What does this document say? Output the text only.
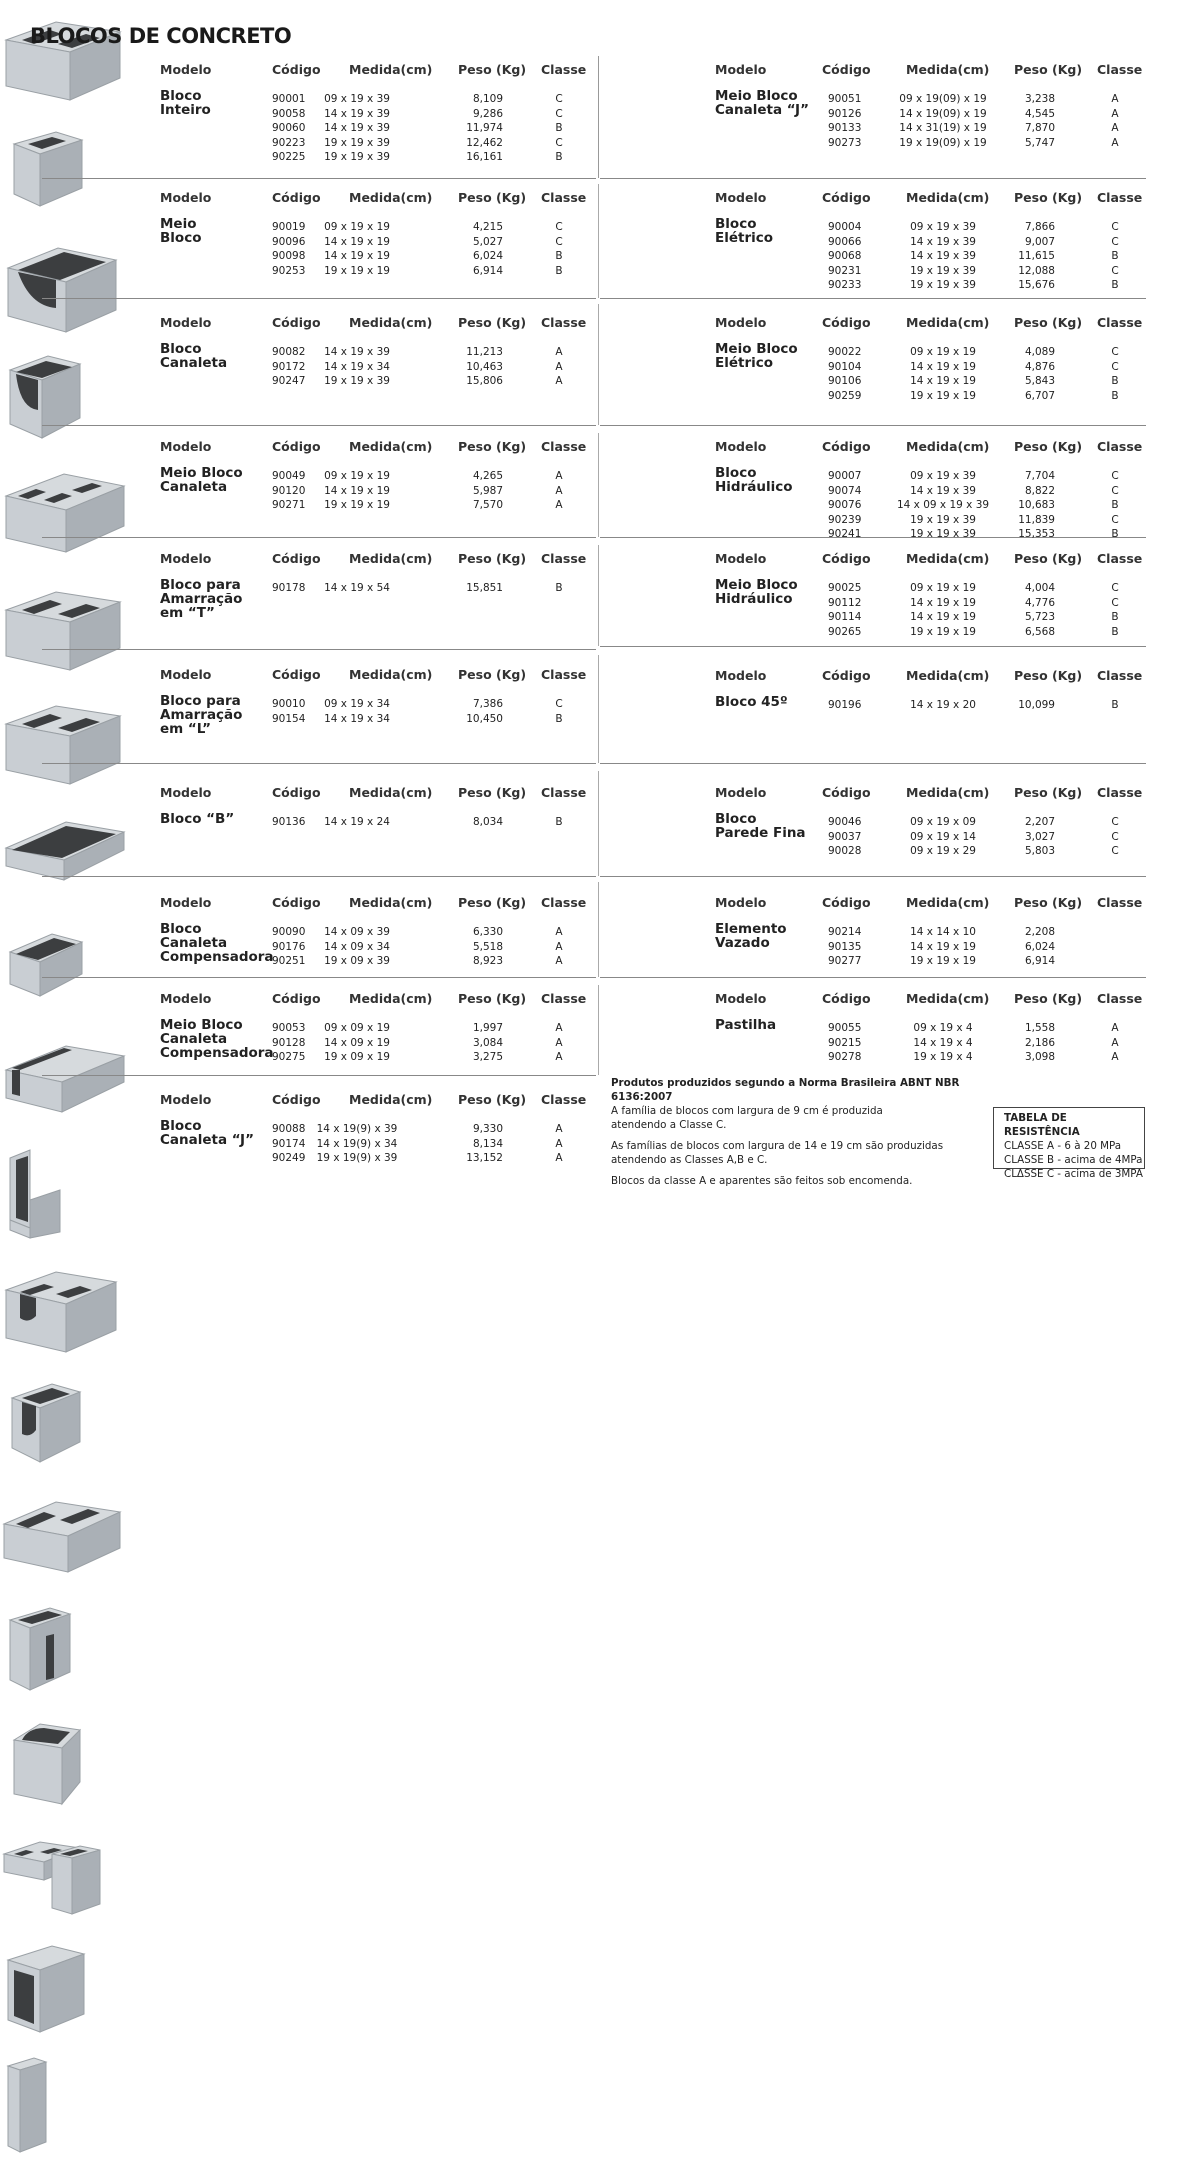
BLOCOS DE CONCRETO
Modelo	Código Medida(cm) Peso (Kg) Classe
Bloco
Inteiro
90001	09 x 19 x 39	8,109	C
90058	14 x 19 x 39	9,286	C
90060	14 x 19 x 39	11,974	B
90223	19 x 19 x 39	12,462	C
90225	19 x 19 x 39	16,161	B
Modelo	Código Medida(cm) Peso (Kg) Classe
Meio
Bloco
90019	09 x 19 x 19	4,215	C
90096	14 x 19 x 19	5,027	C
90098	14 x 19 x 19	6,024	B
90253	19 x 19 x 19	6,914	B
Modelo	Código Medida(cm) Peso (Kg) Classe
Bloco
Canaleta
90082	14 x 19 x 39	11,213	A
90172	14 x 19 x 34	10,463	A
90247	19 x 19 x 39	15,806	A
Modelo	Código Medida(cm) Peso (Kg) Classe
Meio Bloco
Canaleta
90049	09 x 19 x 19	4,265	A
90120	14 x 19 x 19	5,987	A
90271	19 x 19 x 19	7,570	A
Modelo	Código Medida(cm) Peso (Kg) Classe
Bloco para
Amarração
em “T”
90178	14 x 19 x 54	15,851	B
Modelo	Código Medida(cm) Peso (Kg) Classe
Bloco para
Amarração
em “L”
90010	09 x 19 x 34	7,386	C
90154	14 x 19 x 34	10,450	B
Modelo	Código Medida(cm) Peso (Kg) Classe
Bloco “B”	90136	14 x 19 x 24	8,034	B
Modelo	Código Medida(cm) Peso (Kg) Classe
Bloco
Canaleta
Compensadora
90090	14 x 09 x 39	6,330	A
90176	14 x 09 x 34	5,518	A
90251	19 x 09 x 39	8,923	A
Modelo	Código Medida(cm) Peso (Kg) Classe
Meio Bloco
Canaleta
Compensadora
90053	09 x 09 x 19	1,997	A
90128	14 x 09 x 19	3,084	A
90275	19 x 09 x 19	3,275	A
Modelo	Código Medida(cm) Peso (Kg) Classe
Bloco
Canaleta “J”
90088	14 x 19(9) x 39	9,330	A
90174	14 x 19(9) x 34	8,134	A
90249	19 x 19(9) x 39	13,152	A
Modelo	Código	Medida(cm) Peso (Kg) Classe
Meio Bloco
Canaleta “J”
90051	09 x 19(09) x 19	3,238	A
90126	14 x 19(09) x 19	4,545	A
90133	14 x 31(19) x 19	7,870	A
90273	19 x 19(09) x 19	5,747	A
Modelo	Código	Medida(cm) Peso (Kg) Classe
Bloco
Elétrico
90004	09 x 19 x 39	7,866	C
90066	14 x 19 x 39	9,007	C
90068	14 x 19 x 39	11,615	B
90231	19 x 19 x 39	12,088	C
90233	19 x 19 x 39	15,676	B
Modelo	Código	Medida(cm) Peso (Kg) Classe
Meio Bloco
Elétrico
90022	09 x 19 x 19	4,089	C
90104	14 x 19 x 19	4,876	C
90106	14 x 19 x 19	5,843	B
90259	19 x 19 x 19	6,707	B
Modelo	Código	Medida(cm) Peso (Kg) Classe
Bloco
Hidráulico
90007	09 x 19 x 39	7,704	C
90074	14 x 19 x 39	8,822	C
90076	14 x 09 x 19 x 39	10,683	B
90239	19 x 19 x 39	11,839	C
90241	19 x 19 x 39	15,353	B
Modelo	Código	Medida(cm) Peso (Kg) Classe
Meio Bloco
Hidráulico
90025	09 x 19 x 19	4,004	C
90112	14 x 19 x 19	4,776	C
90114	14 x 19 x 19	5,723	B
90265	19 x 19 x 19	6,568	B
Modelo	Código	Medida(cm) Peso (Kg) Classe
Bloco 45º	90196	14 x 19 x 20	10,099	B
Modelo	Código	Medida(cm) Peso (Kg) Classe
Bloco
Parede Fina
90046	09 x 19 x 09	2,207	C
90037	09 x 19 x 14	3,027	C
90028	09 x 19 x 29	5,803	C
Modelo	Código	Medida(cm) Peso (Kg) Classe
Elemento
Vazado
90214	14 x 14 x 10	2,208
90135	14 x 19 x 19	6,024
90277	19 x 19 x 19	6,914
Modelo	Código	Medida(cm) Peso (Kg) Classe
Pastilha	90055	09 x 19 x 4	1,558	A
90215	14 x 19 x 4	2,186	A
90278	19 x 19 x 4	3,098	A

Produtos produzidos segundo a Norma Brasileira ABNT NBR 6136:2007

A família de blocos com largura de 9 cm é produzida

atendendo a Classe C.

As famílias de blocos com largura de 14 e 19 cm são produzidas

atendendo as Classes A,B e C.

Blocos da classe A e aparentes são feitos sob encomenda.

TABELA DE RESISTÊNCIA
CLASSE A - 6 à 20 MPa
CLASSE B - acima de 4MPa
CLΔSSE C - acima de 3MPA
